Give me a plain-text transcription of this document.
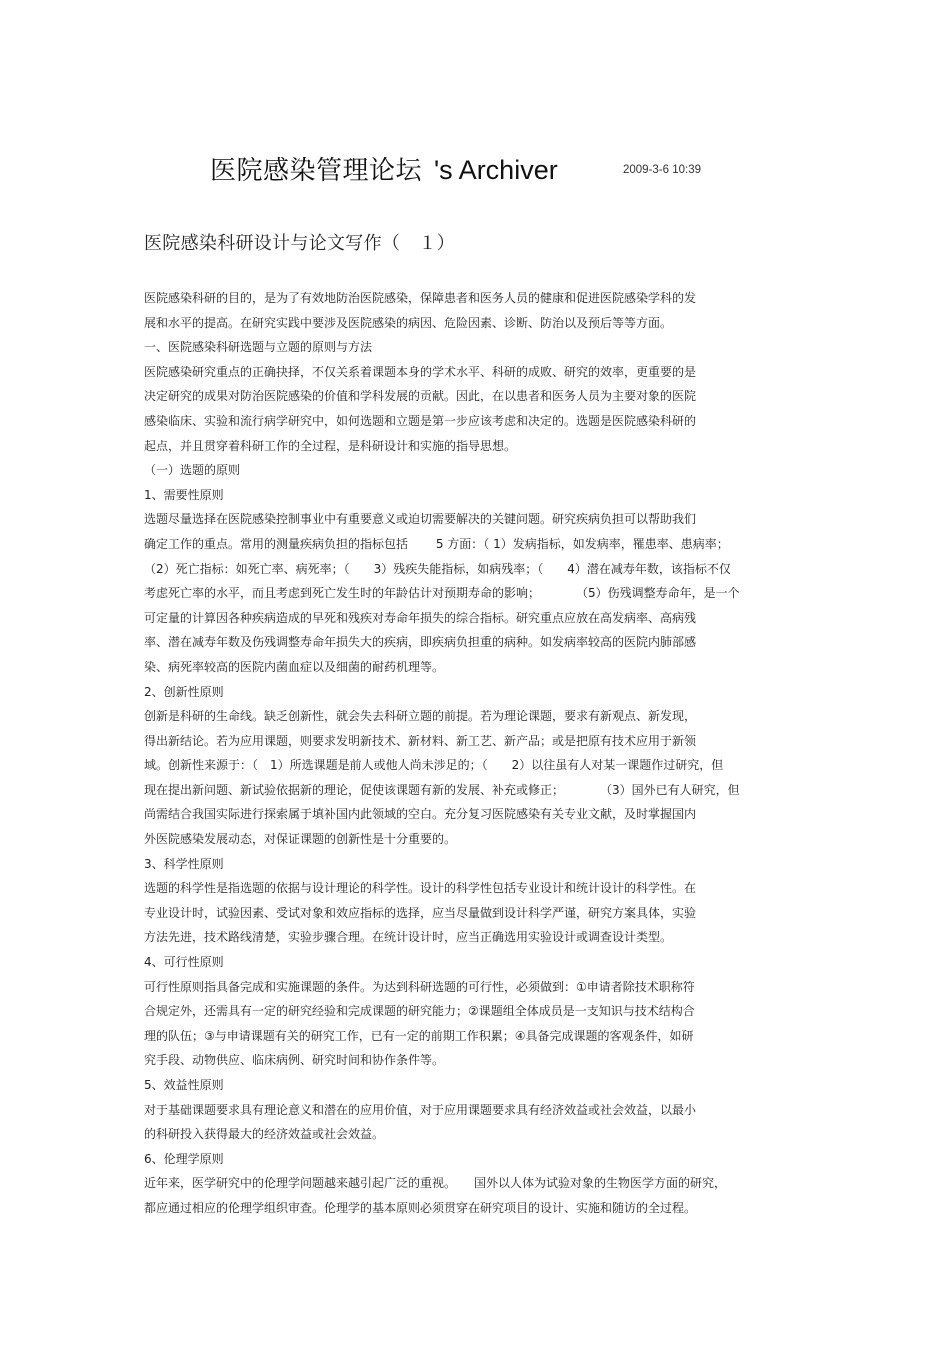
医院感染管理论坛 's Archiver	2009-3-6 10:39
医院感染科研设计与论文写作（　１）
医院感染科研的目的，是为了有效地防治医院感染，保障患者和医务人员的健康和促进医院感染学科的发
展和水平的提高。在研究实践中要涉及医院感染的病因、危险因素、诊断、防治以及预后等等方面。
一、医院感染科研选题与立题的原则与方法
医院感染研究重点的正确抉择，不仅关系着课题本身的学术水平、科研的成败、研究的效率，更重要的是
决定研究的成果对防治医院感染的价值和学科发展的贡献。因此，在以患者和医务人员为主要对象的医院
感染临床、实验和流行病学研究中，如何选题和立题是第一步应该考虑和决定的。选题是医院感染科研的
起点，并且贯穿着科研工作的全过程，是科研设计和实施的指导思想。
（一）选题的原则
1、需要性原则
选题尽量选择在医院感染控制事业中有重要意义或迫切需要解决的关键问题。研究疾病负担可以帮助我们
确定工作的重点。常用的测量疾病负担的指标包括　　 5 方面：（ 1）发病指标，如发病率，罹患率、患病率；
（2）死亡指标：如死亡率、病死率；（　　3）残疾失能指标，如病残率；（　　4）潜在减寿年数，该指标不仅
考虑死亡率的水平，而且考虑到死亡发生时的年龄估计对预期寿命的影响；　　　　（5）伤残调整寿命年，是一个
可定量的计算因各种疾病造成的早死和残疾对寿命年损失的综合指标。研究重点应放在高发病率、高病残
率、潜在减寿年数及伤残调整寿命年损失大的疾病，即疾病负担重的病种。如发病率较高的医院内肺部感
染、病死率较高的医院内菌血症以及细菌的耐药机理等。
2、创新性原则
创新是科研的生命线。缺乏创新性，就会失去科研立题的前提。若为理论课题，要求有新观点、新发现，
得出新结论。若为应用课题，则要求发明新技术、新材料、新工艺、新产品；或是把原有技术应用于新领
域。创新性来源于：（　1）所选课题是前人或他人尚未涉足的；（　　2）以往虽有人对某一课题作过研究，但
现在提出新问题、新试验依据新的理论，促使该课题有新的发展、补充或修正；　　　　（3）国外已有人研究，但
尚需结合我国实际进行探索属于填补国内此领域的空白。充分复习医院感染有关专业文献，及时掌握国内
外医院感染发展动态，对保证课题的创新性是十分重要的。
3、科学性原则
选题的科学性是指选题的依据与设计理论的科学性。设计的科学性包括专业设计和统计设计的科学性。在
专业设计时，试验因素、受试对象和效应指标的选择，应当尽量做到设计科学严谨，研究方案具体，实验
方法先进，技术路线清楚，实验步骤合理。在统计设计时，应当正确选用实验设计或调查设计类型。
4、可行性原则
可行性原则指具备完成和实施课题的条件。为达到科研选题的可行性，必须做到：①申请者除技术职称符
合规定外，还需具有一定的研究经验和完成课题的研究能力；②课题组全体成员是一支知识与技术结构合
理的队伍；③与申请课题有关的研究工作，已有一定的前期工作积累；④具备完成课题的客观条件，如研
究手段、动物供应、临床病例、研究时间和协作条件等。
5、效益性原则
对于基础课题要求具有理论意义和潜在的应用价值，对于应用课题要求具有经济效益或社会效益，以最小
的科研投入获得最大的经济效益或社会效益。
6、伦理学原则
近年来，医学研究中的伦理学问题越来越引起广泛的重视。　　国外以人体为试验对象的生物医学方面的研究，
都应通过相应的伦理学组织审查。伦理学的基本原则必须贯穿在研究项目的设计、实施和随访的全过程。
